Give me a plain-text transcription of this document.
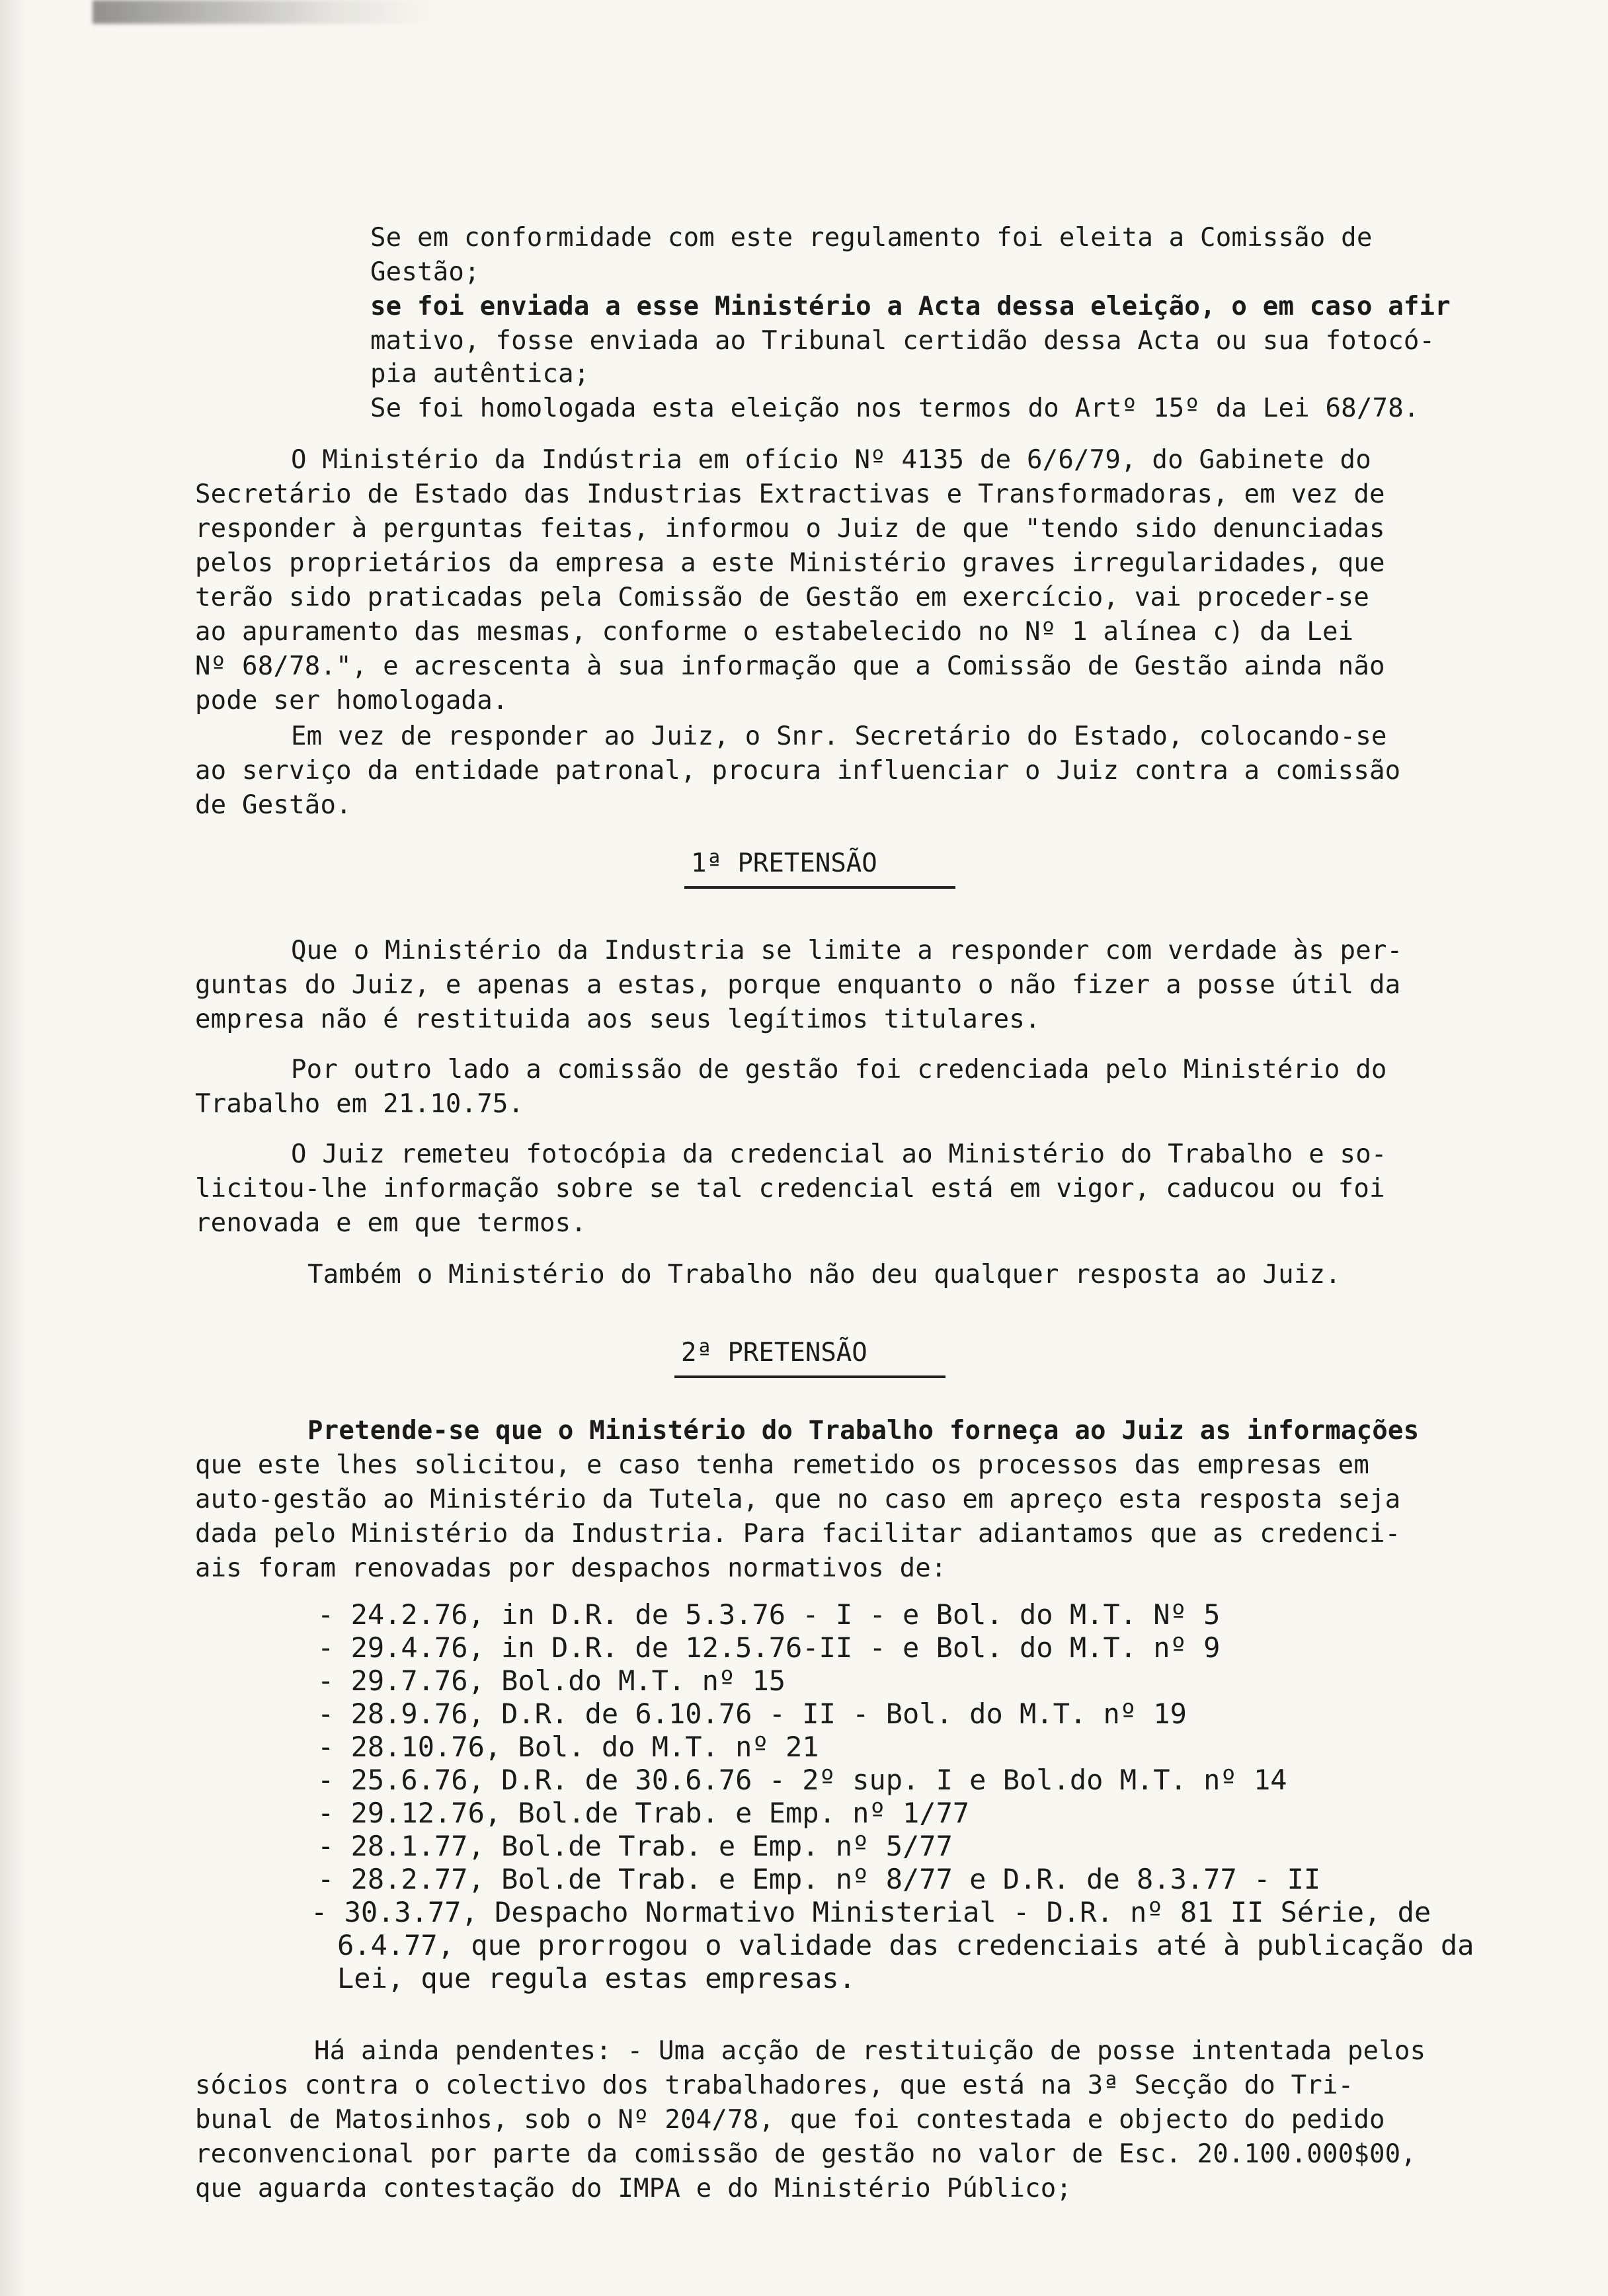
Se em conformidade com este regulamento foi eleita a Comissão de
Gestão;
se foi enviada a esse Ministério a Acta dessa eleição, o em caso afir
mativo, fosse enviada ao Tribunal certidão dessa Acta ou sua fotocó-
pia autêntica;
Se foi homologada esta eleição nos termos do Artº 15º da Lei 68/78.
O Ministério da Indústria em ofício Nº 4135 de 6/6/79, do Gabinete do
Secretário de Estado das Industrias Extractivas e Transformadoras, em vez de
responder à perguntas feitas, informou o Juiz de que "tendo sido denunciadas
pelos proprietários da empresa a este Ministério graves irregularidades, que
terão sido praticadas pela Comissão de Gestão em exercício, vai proceder-se
ao apuramento das mesmas, conforme o estabelecido no Nº 1 alínea c) da Lei
Nº 68/78.", e acrescenta à sua informação que a Comissão de Gestão ainda não
pode ser homologada.
Em vez de responder ao Juiz, o Snr. Secretário do Estado, colocando-se
ao serviço da entidade patronal, procura influenciar o Juiz contra a comissão
de Gestão.
1ª PRETENSÃO
Que o Ministério da Industria se limite a responder com verdade às per-
guntas do Juiz, e apenas a estas, porque enquanto o não fizer a posse útil da
empresa não é restituida aos seus legítimos titulares.
Por outro lado a comissão de gestão foi credenciada pelo Ministério do
Trabalho em 21.10.75.
O Juiz remeteu fotocópia da credencial ao Ministério do Trabalho e so-
licitou-lhe informação sobre se tal credencial está em vigor, caducou ou foi
renovada e em que termos.
Também o Ministério do Trabalho não deu qualquer resposta ao Juiz.
2ª PRETENSÃO
Pretende-se que o Ministério do Trabalho forneça ao Juiz as informações
que este lhes solicitou, e caso tenha remetido os processos das empresas em
auto-gestão ao Ministério da Tutela, que no caso em apreço esta resposta seja
dada pelo Ministério da Industria. Para facilitar adiantamos que as credenci-
ais foram renovadas por despachos normativos de:
- 24.2.76, in D.R. de 5.3.76 - I - e Bol. do M.T. Nº 5
- 29.4.76, in D.R. de 12.5.76-II - e Bol. do M.T. nº 9
- 29.7.76, Bol.do M.T. nº 15
- 28.9.76, D.R. de 6.10.76 - II - Bol. do M.T. nº 19
- 28.10.76, Bol. do M.T. nº 21
- 25.6.76, D.R. de 30.6.76 - 2º sup. I e Bol.do M.T. nº 14
- 29.12.76, Bol.de Trab. e Emp. nº 1/77
- 28.1.77, Bol.de Trab. e Emp. nº 5/77
- 28.2.77, Bol.de Trab. e Emp. nº 8/77 e D.R. de 8.3.77 - II
- 30.3.77, Despacho Normativo Ministerial - D.R. nº 81 II Série, de
6.4.77, que prorrogou o validade das credenciais até à publicação da
Lei, que regula estas empresas.
Há ainda pendentes: - Uma acção de restituição de posse intentada pelos
sócios contra o colectivo dos trabalhadores, que está na 3ª Secção do Tri-
bunal de Matosinhos, sob o Nº 204/78, que foi contestada e objecto do pedido
reconvencional por parte da comissão de gestão no valor de Esc. 20.100.000$00,
que aguarda contestação do IMPA e do Ministério Público;
